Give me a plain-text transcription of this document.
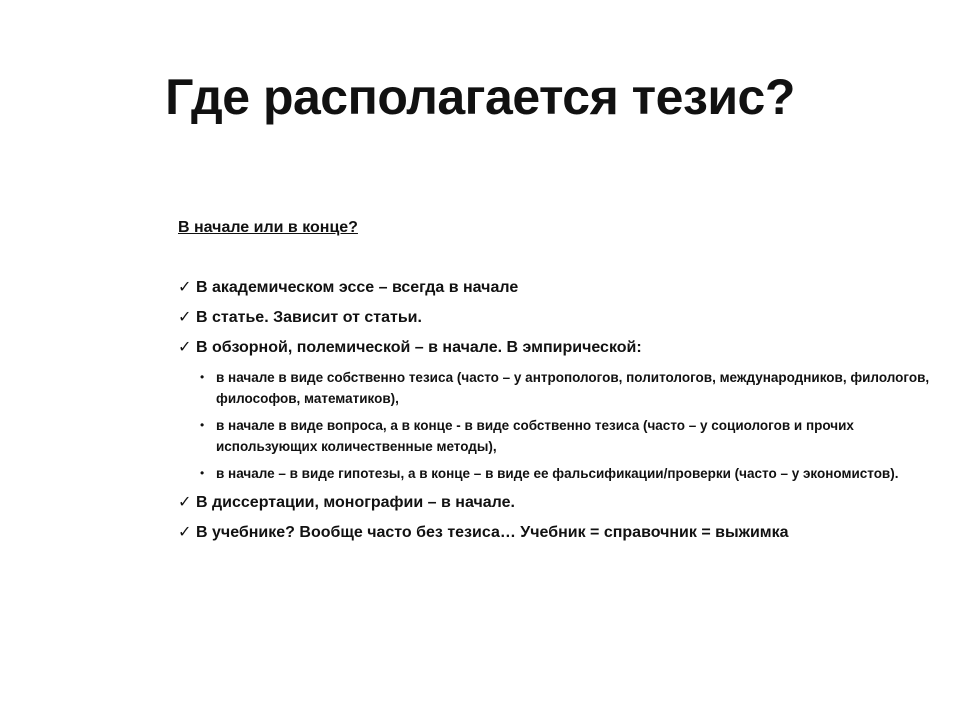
Где располагается тезис?
В начале или в конце?
✓ В академическом эссе – всегда в начале
✓ В статье. Зависит от статьи.
✓ В обзорной, полемической – в начале. В эмпирической:
• в начале в виде собственно тезиса (часто – у антропологов, политологов, международников, филологов, философов, математиков),
• в начале в виде вопроса, а в конце - в виде собственно тезиса (часто – у социологов и прочих использующих количественные методы),
• в начале – в виде гипотезы, а в конце – в виде ее фальсификации/проверки (часто – у экономистов).
✓ В диссертации, монографии – в начале.
✓ В учебнике? Вообще часто без тезиса… Учебник = справочник = выжимка
